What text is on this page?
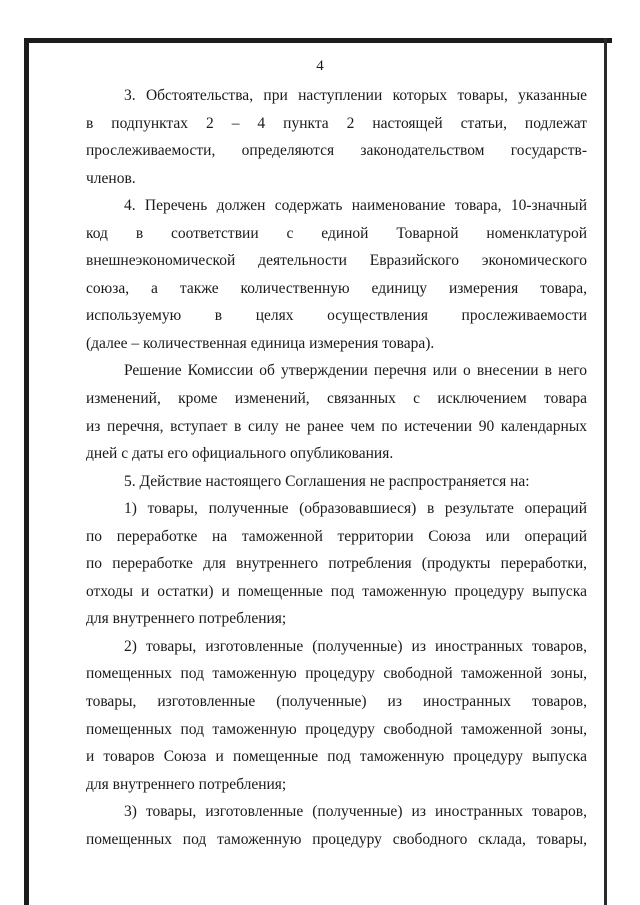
4
3. Обстоятельства, при наступлении которых товары, указанные
в подпунктах 2 – 4 пункта 2 настоящей статьи, подлежат
прослеживаемости, определяются законодательством государств-
членов.
4. Перечень должен содержать наименование товара, 10-значный
код в соответствии с единой Товарной номенклатурой
внешнеэкономической деятельности Евразийского экономического
союза, а также количественную единицу измерения товара,
используемую в целях осуществления прослеживаемости
(далее – количественная единица измерения товара).
Решение Комиссии об утверждении перечня или о внесении в него
изменений, кроме изменений, связанных с исключением товара
из перечня, вступает в силу не ранее чем по истечении 90 календарных
дней с даты его официального опубликования.
5. Действие настоящего Соглашения не распространяется на:
1) товары, полученные (образовавшиеся) в результате операций
по переработке на таможенной территории Союза или операций
по переработке для внутреннего потребления (продукты переработки,
отходы и остатки) и помещенные под таможенную процедуру выпуска
для внутреннего потребления;
2) товары, изготовленные (полученные) из иностранных товаров,
помещенных под таможенную процедуру свободной таможенной зоны,
товары, изготовленные (полученные) из иностранных товаров,
помещенных под таможенную процедуру свободной таможенной зоны,
и товаров Союза и помещенные под таможенную процедуру выпуска
для внутреннего потребления;
3) товары, изготовленные (полученные) из иностранных товаров,
помещенных под таможенную процедуру свободного склада, товары,
